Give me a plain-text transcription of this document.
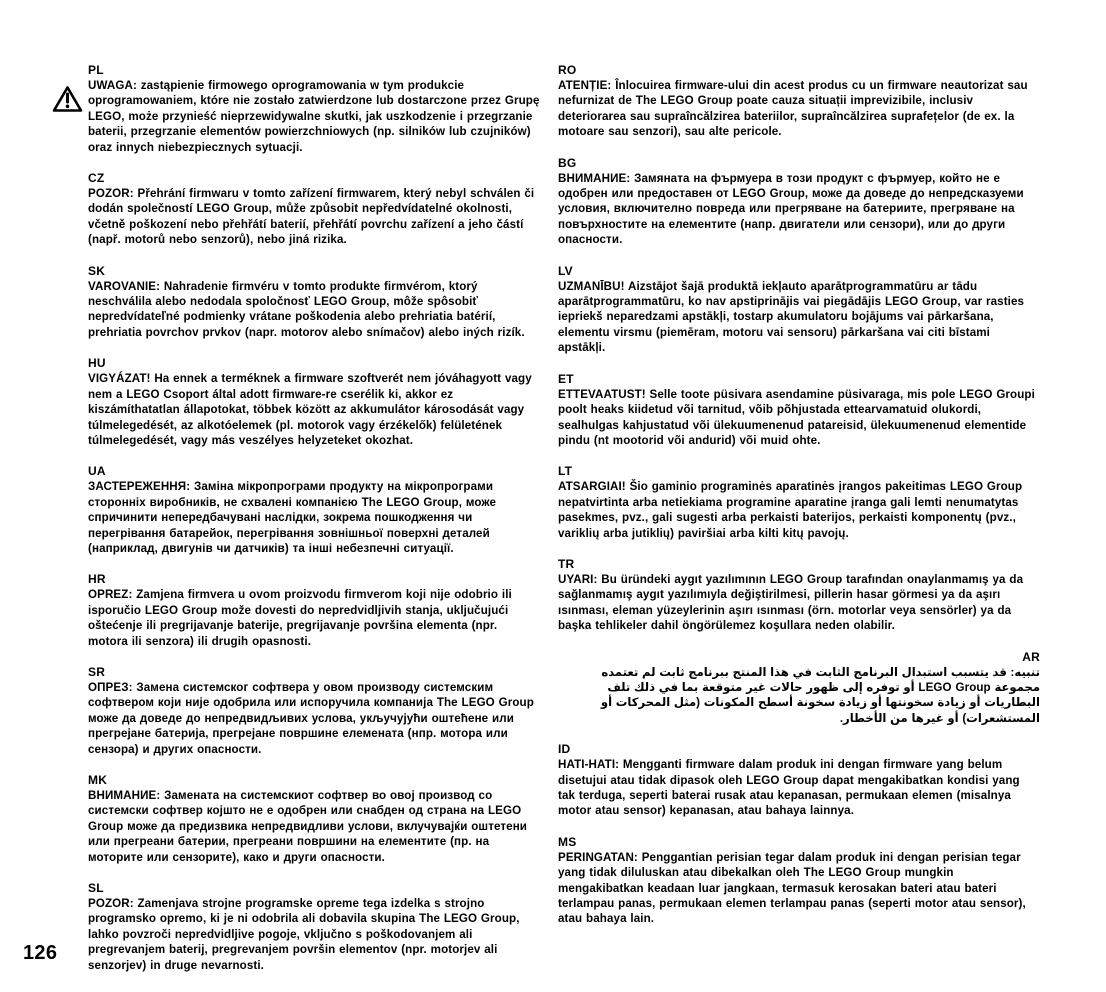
PL

UWAGA: zastąpienie firmowego oprogramowania w tym produkcie oprogramowaniem, które nie zostało zatwierdzone lub dostarczone przez Grupę LEGO, może przynieść nieprzewidywalne skutki, jak uszkodzenie i przegrzanie baterii, przegrzanie elementów powierzchniowych (np. silników lub czujników) oraz innych niebezpiecznych sytuacji.

CZ

POZOR: Přehrání firmwaru v tomto zařízení firmwarem, který nebyl schválen či dodán společností LEGO Group, může způsobit nepředvídatelné okolnosti, včetně poškození nebo přehřátí baterií, přehřátí povrchu zařízení a jeho částí (např. motorů nebo senzorů), nebo jiná rizika.

SK

VAROVANIE: Nahradenie firmvéru v tomto produkte firmvérom, ktorý neschválila alebo nedodala spoločnosť LEGO Group, môže spôsobiť nepredvídateľné podmienky vrátane poškodenia alebo prehriatia batérií, prehriatia povrchov prvkov (napr. motorov alebo snímačov) alebo iných rizík.

HU

VIGYÁZAT! Ha ennek a terméknek a firmware szoftverét nem jóváhagyott vagy nem a LEGO Csoport által adott firmware-re cserélik ki, akkor ez kiszámíthatatlan állapotokat, többek között az akkumulátor károsodását vagy túlmelegedését, az alkotóelemek (pl. motorok vagy érzékelők) felületének túlmelegedését, vagy más veszélyes helyzeteket okozhat.

UA

ЗАСТЕРЕЖЕННЯ: Заміна мікропрограми продукту на мікропрограми сторонніх виробників, не схвалені компанією The LEGO Group, може спричинити непередбачувані наслідки, зокрема пошкодження чи перегрівання батарейок, перегрівання зовнішньої поверхні деталей (наприклад, двигунів чи датчиків) та інші небезпечні ситуації.

HR

OPREZ: Zamjena firmvera u ovom proizvodu firmverom koji nije odobrio ili isporučio LEGO Group može dovesti do nepredvidljivih stanja, uključujući oštećenje ili pregrijavanje baterije, pregrijavanje površina elementa (npr. motora ili senzora) ili drugih opasnosti.

SR

ОПРЕЗ: Замена системског софтвера у овом производу системским софтвером који није одобрила или испоручила компанија The LEGO Group може да доведе до непредвидљивих услова, укључујући оштећене или прегрејане батерија, прегрејане површине елемената (нпр. мотора или сензора) и других опасности.

MK

ВНИМАНИЕ: Замената на системскиот софтвер во овој производ со системски софтвер којшто не е одобрен или снабден од страна на LEGO Group може да предизвика непредвидливи услови, вклучувајќи оштетени или прегреани батерии, прегреани површини на елементите (пр. на моторите или сензорите), како и други опасности.

SL

POZOR: Zamenjava strojne programske opreme tega izdelka s strojno programsko opremo, ki je ni odobrila ali dobavila skupina The LEGO Group, lahko povzroči nepredvidljive pogoje, vključno s poškodovanjem ali pregrevanjem baterij, pregrevanjem površin elementov (npr. motorjev ali senzorjev) in druge nevarnosti.

RO

ATENȚIE: Înlocuirea firmware-ului din acest produs cu un firmware neautorizat sau nefurnizat de The LEGO Group poate cauza situații imprevizibile, inclusiv deteriorarea sau supraîncălzirea bateriilor, supraîncălzirea suprafețelor (de ex. la motoare sau senzori), sau alte pericole.

BG

ВНИМАНИЕ: Замяната на фърмуера в този продукт с фърмуер, който не е одобрен или предоставен от LEGO Group, може да доведе до непредсказуеми условия, включително повреда или прегряване на батериите, прегряване на повърхностите на елементите (напр. двигатели или сензори), или до други опасности.

LV

UZMANĪBU! Aizstājot šajā produktā iekļauto aparātprogrammatūru ar tādu aparātprogrammatūru, ko nav apstiprinājis vai piegādājis LEGO Group, var rasties iepriekš neparedzami apstākļi, tostarp akumulatoru bojājums vai pārkaršana, elementu virsmu (piemēram, motoru vai sensoru) pārkaršana vai citi bīstami apstākļi.

ET

ETTEVAATUST! Selle toote püsivara asendamine püsivaraga, mis pole LEGO Groupi poolt heaks kiidetud või tarnitud, võib põhjustada ettearvamatuid olukordi, sealhulgas kahjustatud või ülekuumenenud patareisid, ülekuumenenud elementide pindu (nt mootorid või andurid) või muid ohte.

LT

ATSARGIAI! Šio gaminio programinės aparatinės įrangos pakeitimas LEGO Group nepatvirtinta arba netiekiama programine aparatine įranga gali lemti nenumatytas pasekmes, pvz., gali sugesti arba perkaisti baterijos, perkaisti komponentų (pvz., variklių arba jutiklių) paviršiai arba kilti kitų pavojų.

TR

UYARI: Bu üründeki aygıt yazılımının LEGO Group tarafından onaylanmamış ya da sağlanmamış aygıt yazılımıyla değiştirilmesi, pillerin hasar görmesi ya da aşırı ısınması, eleman yüzeylerinin aşırı ısınması (örn. motorlar veya sensörler) ya da başka tehlikeler dahil öngörülemez koşullara neden olabilir.

AR

تنبيه: قد يتسبب استبدال البرنامج الثابت في هذا المنتج ببرنامج ثابت لم تعتمده مجموعة LEGO Group أو توفره إلى ظهور حالات غير متوقعة بما في ذلك تلف البطاريات أو زيادة سخونتها أو زيادة سخونة أسطح المكونات (مثل المحركات أو المستشعرات) أو غيرها من الأخطار.

ID

HATI-HATI: Mengganti firmware dalam produk ini dengan firmware yang belum disetujui atau tidak dipasok oleh LEGO Group dapat mengakibatkan kondisi yang tak terduga, seperti baterai rusak atau kepanasan, permukaan elemen (misalnya motor atau sensor) kepanasan, atau bahaya lainnya.

MS

PERINGATAN: Penggantian perisian tegar dalam produk ini dengan perisian tegar yang tidak diluluskan atau dibekalkan oleh The LEGO Group mungkin mengakibatkan keadaan luar jangkaan, termasuk kerosakan bateri atau bateri terlampau panas, permukaan elemen terlampau panas (seperti motor atau sensor), atau bahaya lain.

126
